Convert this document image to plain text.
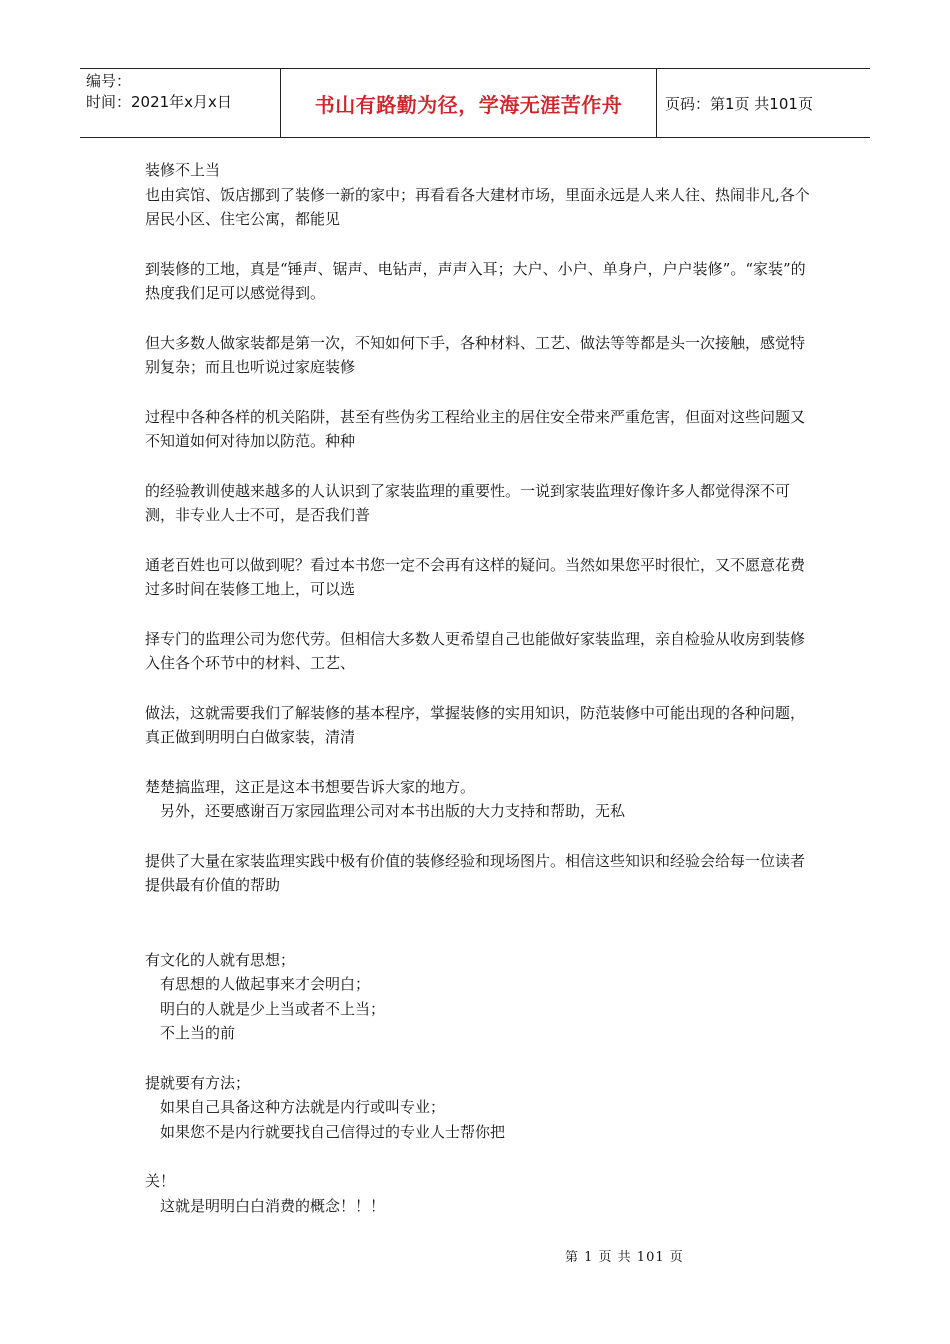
编号：
时间：2021年x月x日	书山有路勤为径，学海无涯苦作舟	页码：第1页 共101页

装修不上当

也由宾馆、饭店挪到了装修一新的家中；再看看各大建材市场，里面永远是人来人往、热闹非凡,各个居民小区、住宅公寓，都能见

到装修的工地，真是“锤声、锯声、电钻声，声声入耳；大户、小户、单身户，户户装修”。“家装”的热度我们足可以感觉得到。

但大多数人做家装都是第一次，不知如何下手，各种材料、工艺、做法等等都是头一次接触，感觉特别复杂；而且也听说过家庭装修

过程中各种各样的机关陷阱，甚至有些伪劣工程给业主的居住安全带来严重危害，但面对这些问题又不知道如何对待加以防范。种种

的经验教训使越来越多的人认识到了家装监理的重要性。一说到家装监理好像许多人都觉得深不可测，非专业人士不可，是否我们普

通老百姓也可以做到呢？看过本书您一定不会再有这样的疑问。当然如果您平时很忙，又不愿意花费过多时间在装修工地上，可以选

择专门的监理公司为您代劳。但相信大多数人更希望自己也能做好家装监理，亲自检验从收房到装修入住各个环节中的材料、工艺、

做法，这就需要我们了解装修的基本程序，掌握装修的实用知识，防范装修中可能出现的各种问题，真正做到明明白白做家装，清清

楚楚搞监理，这正是这本书想要告诉大家的地方。

另外，还要感谢百万家园监理公司对本书出版的大力支持和帮助，无私

提供了大量在家装监理实践中极有价值的装修经验和现场图片。相信这些知识和经验会给每一位读者提供最有价值的帮助

有文化的人就有思想；

有思想的人做起事来才会明白；

明白的人就是少上当或者不上当；

不上当的前

提就要有方法；

如果自己具备这种方法就是内行或叫专业；

如果您不是内行就要找自己信得过的专业人士帮你把

关！

这就是明明白白消费的概念！！！

第 1 页 共 101 页
